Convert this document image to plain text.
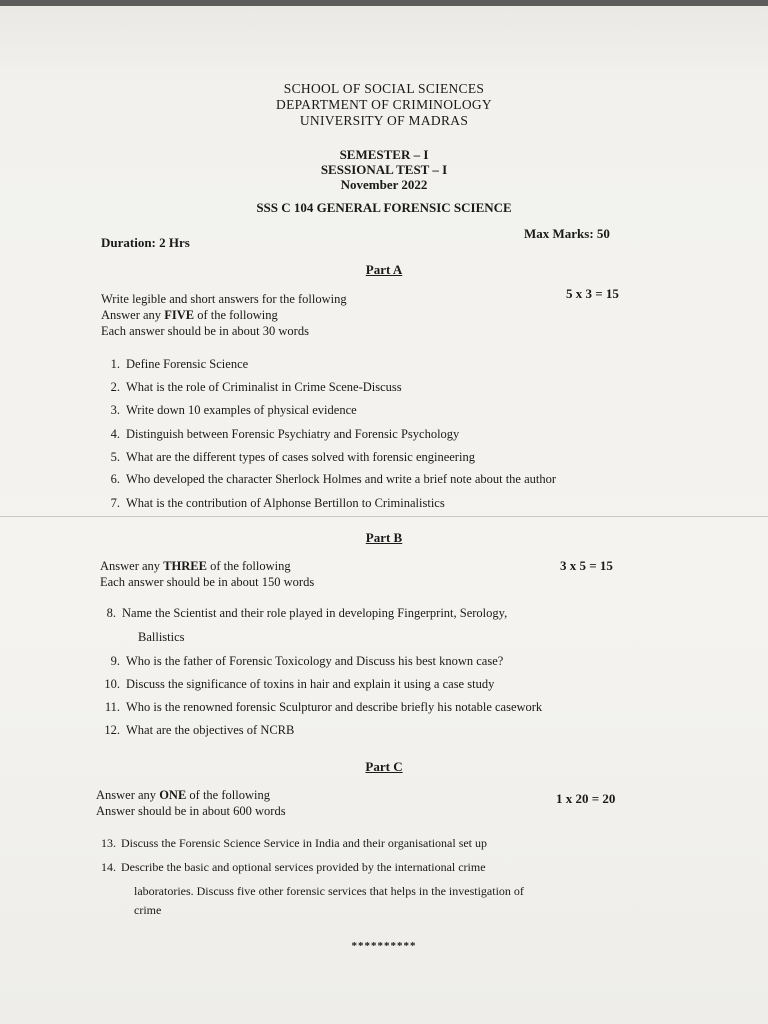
SCHOOL OF SOCIAL SCIENCES
DEPARTMENT OF CRIMINOLOGY
UNIVERSITY OF MADRAS
SEMESTER – I
SESSIONAL TEST – I
November 2022
SSS C 104 GENERAL FORENSIC SCIENCE
Duration: 2 Hrs
Max Marks: 50
Part A
Write legible and short answers for the following
Answer any FIVE of the following
Each answer should be in about 30 words
5 x 3 = 15
1. Define Forensic Science
2. What is the role of Criminalist in Crime Scene-Discuss
3. Write down 10 examples of physical evidence
4. Distinguish between Forensic Psychiatry and Forensic Psychology
5. What are the different types of cases solved with forensic engineering
6. Who developed the character Sherlock Holmes and write a brief note about the author
7. What is the contribution of Alphonse Bertillon to Criminalistics
Part B
Answer any THREE of the following
Each answer should be in about 150 words
3 x 5 = 15
8. Name the Scientist and their role played in developing Fingerprint, Serology,
Ballistics
9. Who is the father of Forensic Toxicology and Discuss his best known case?
10. Discuss the significance of toxins in hair and explain it using a case study
11. Who is the renowned forensic Sculpturor and describe briefly his notable casework
12. What are the objectives of NCRB
Part C
Answer any ONE of the following
Answer should be in about 600 words
1 x 20 = 20
13. Discuss the Forensic Science Service in India and their organisational set up
14. Describe the basic and optional services provided by the international crime
laboratories. Discuss five other forensic services that helps in the investigation of
crime
**********
